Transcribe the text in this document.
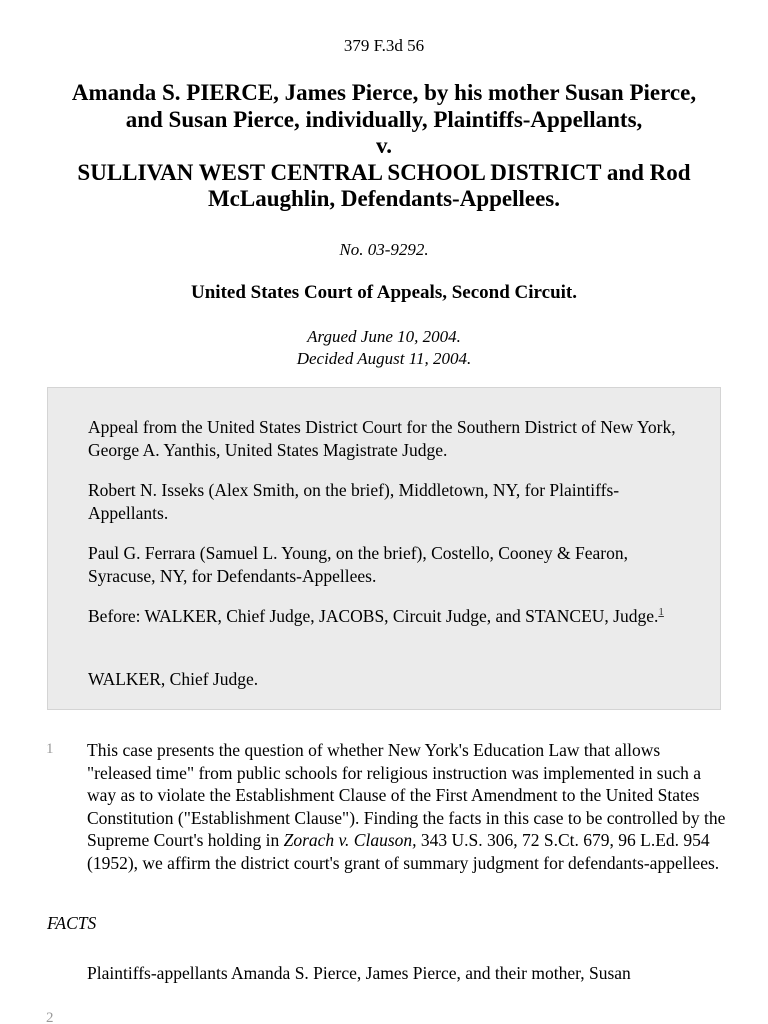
379 F.3d 56
Amanda S. PIERCE, James Pierce, by his mother Susan Pierce,
and Susan Pierce, individually, Plaintiffs-Appellants,
v.
SULLIVAN WEST CENTRAL SCHOOL DISTRICT and Rod
McLaughlin, Defendants-Appellees.
No. 03-9292.
United States Court of Appeals, Second Circuit.
Argued June 10, 2004.
Decided August 11, 2004.

Appeal from the United States District Court for the Southern District of New York, George A. Yanthis, United States Magistrate Judge.

Robert N. Isseks (Alex Smith, on the brief), Middletown, NY, for Plaintiffs-Appellants.

Paul G. Ferrara (Samuel L. Young, on the brief), Costello, Cooney & Fearon, Syracuse, NY, for Defendants-Appellees.

Before: WALKER, Chief Judge, JACOBS, Circuit Judge, and STANCEU, Judge.$^1$

WALKER, Chief Judge.

1 This case presents the question of whether New York's Education Law that allows "released time" from public schools for religious instruction was implemented in such a way as to violate the Establishment Clause of the First Amendment to the United States Constitution ("Establishment Clause"). Finding the facts in this case to be controlled by the Supreme Court's holding in Zorach v. Clauson, 343 U.S. 306, 72 S.Ct. 679, 96 L.Ed. 954 (1952), we affirm the district court's grant of summary judgment for defendants-appellees.
FACTS
Plaintiffs-appellants Amanda S. Pierce, James Pierce, and their mother, Susan
2
